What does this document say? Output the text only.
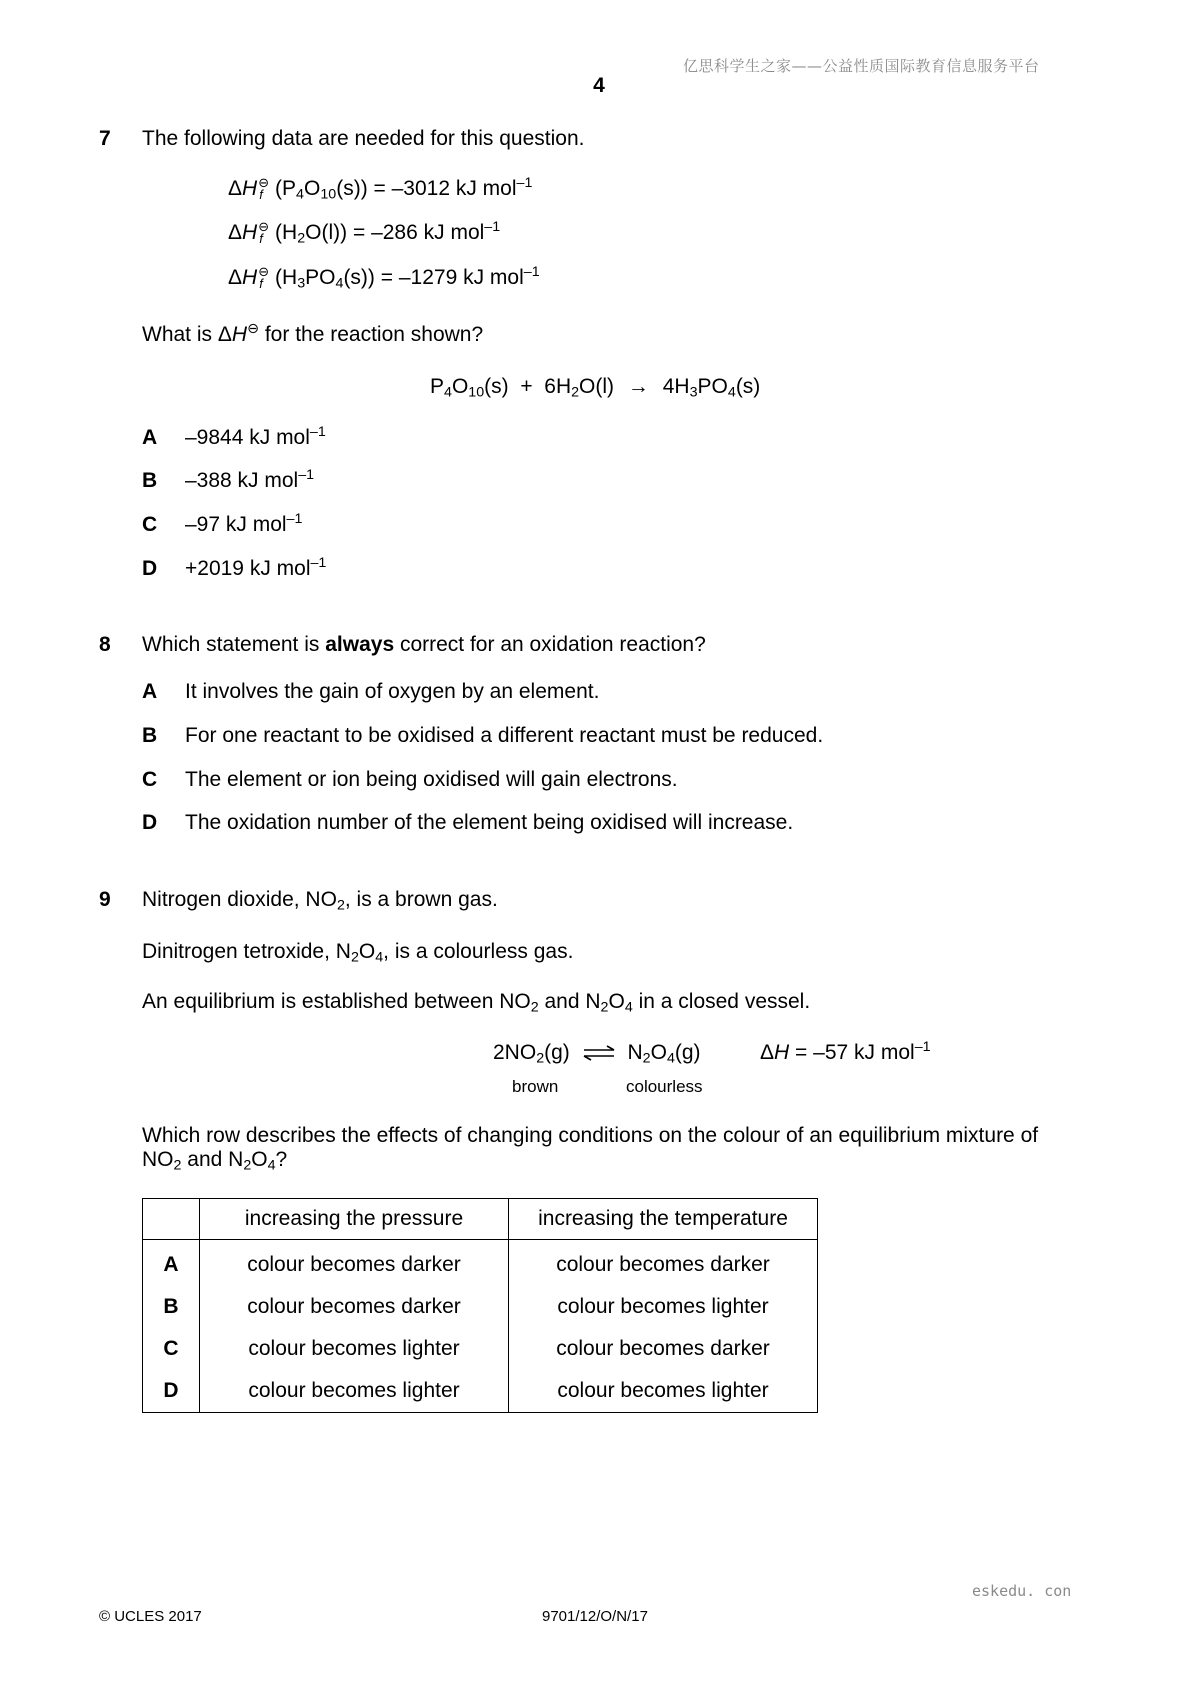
亿思科学生之家——公益性质国际教育信息服务平台
4
7 The following data are needed for this question.
ΔH ⊖
f $(P_4O_{10}(s)) = -3012$ kJ mol$^{-1}$
ΔH ⊖
f $(H_2O(l)) = -286$ kJ mol$^{-1}$
ΔH ⊖
f $(H_3PO_4(s)) = -1279$ kJ mol$^{-1}$
What is ΔH⊖ for the reaction shown?
$P_4O_{10}(s) + 6H_2O(l) \to 4H_3PO_4(s)$
A –9844 kJ mol$^{-1}$
B –388 kJ mol$^{-1}$
C –97 kJ mol$^{-1}$
D +2019 kJ mol$^{-1}$
8 Which statement is always correct for an oxidation reaction?
A It involves the gain of oxygen by an element.
B For one reactant to be oxidised a different reactant must be reduced.
C The element or ion being oxidised will gain electrons.
D The oxidation number of the element being oxidised will increase.
9 Nitrogen dioxide, $NO_2$, is a brown gas.
Dinitrogen tetroxide, $N_2O_4$, is a colourless gas.
An equilibrium is established between $NO_2$ and $N_2O_4$ in a closed vessel.
$2NO_2(g)$ ⇌ $N_2O_4(g)$	ΔH = –57 kJ mol$^{-1}$
brown	colourless
Which row describes the effects of changing conditions on the colour of an equilibrium mixture of
$NO_2$ and $N_2O_4$?
	increasing the pressure	increasing the temperature
A	colour becomes darker	colour becomes darker
B	colour becomes darker	colour becomes lighter
C	colour becomes lighter	colour becomes darker
D	colour becomes lighter	colour becomes lighter
eskedu. con
© UCLES 2017	9701/12/O/N/17
